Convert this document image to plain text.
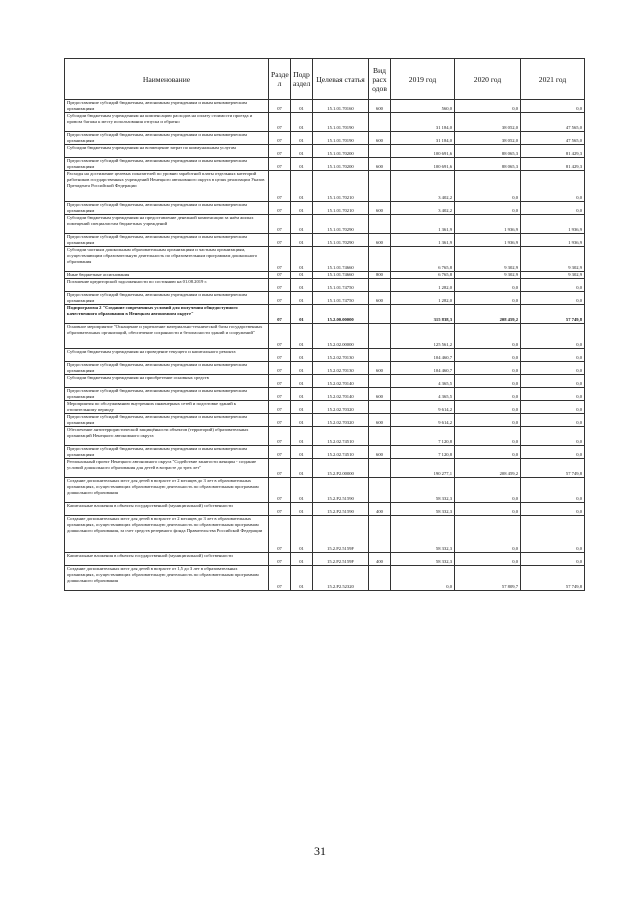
Наименование	Разде л	Подр аздел	Целевая статья	Вид расх одов	2019 год	2020 год	2021 год
Предоставление субсидий бюджетным, автономным учреждениям и иным некоммерческим организациям	07	01	15.1.01.70160	600	560,0	0,0	0,0
Субсидии бюджетным учреждениям на компенсацию расходов на оплату стоимости проезда и провоза багажа к месту использования отпуска и обратно	07	01	15.1.01.70190		31 184,0	38 052,0	47 565,0
Предоставление субсидий бюджетным, автономным учреждениям и иным некоммерческим организациям	07	01	15.1.01.70190	600	31 184,0	38 052,0	47 565,0
Субсидии бюджетным учреждениям на возмещение затрат по коммунальным услугам	07	01	15.1.01.70200		100 691,6	88 065,3	81 429,3
Предоставление субсидий бюджетным, автономным учреждениям и иным некоммерческим организациям	07	01	15.1.01.70200	600	100 691,6	88 065,3	81 429,3
Расходы на достижение целевых показателей по уровню заработной платы отдельных категорий работников государственных учреждений Ненецкого автономного округа в целях реализации Указов Президента Российской Федерации	07	01	15.1.01.70210		3 402,2	0,0	0,0
Предоставление субсидий бюджетным, автономным учреждениям и иным некоммерческим организациям	07	01	15.1.01.70210	600	3 402,2	0,0	0,0
Субсидии бюджетным учреждениям на предоставление денежной компенсации за наём жилых помещений специалистам бюджетных учреждений	07	01	15.1.01.70290		1 361,9	1 936,9	1 936,9
Предоставление субсидий бюджетным, автономным учреждениям и иным некоммерческим организациям	07	01	15.1.01.70290	600	1 361,9	1 936,9	1 936,9
Субсидии частным дошкольным образовательным организациям и частным организациям, осуществляющим образовательную деятельность по образовательным программам дошкольного образования	07	01	15.1.01.74660		6 765,8	9 302,9	9 302,9
Иные бюджетные ассигнования	07	01	15.1.01.74660	800	6 765,8	9 302,9	9 302,9
Погашение кредиторской задолженности по состоянию на 01.08.2019 г.	07	01	15.1.01.74750		1 282,0	0,0	0,0
Предоставление субсидий бюджетным, автономным учреждениям и иным некоммерческим организациям	07	01	15.1.01.74750	600	1 282,0	0,0	0,0
Подпрограмма 2 "Создание современных условий для получения общедоступного качественного образования в Ненецком автономном округе"	07	01	15.2.00.00000		315 838,3	208 459,2	57 749,8
Основное мероприятие "Оснащение и укрепление материально-технической базы государственных образовательных организаций, обеспечение сохранности и безопасности зданий и сооружений"	07	01	15.2.02.00000		125 561,2	0,0	0,0
Субсидии бюджетным учреждениям на проведение текущего и капитального ремонта	07	01	15.2.02.70130		104 460,7	0,0	0,0
Предоставление субсидий бюджетным, автономным учреждениям и иным некоммерческим организациям	07	01	15.2.02.70130	600	104 460,7	0,0	0,0
Субсидии бюджетным учреждениям на приобретение основных средств	07	01	15.2.02.70140		4 365,5	0,0	0,0
Предоставление субсидий бюджетным, автономным учреждениям и иным некоммерческим организациям	07	01	15.2.02.70140	600	4 365,5	0,0	0,0
Мероприятия по обслуживанию внутренних инженерных сетей и подготовке зданий к отопительному периоду	07	01	15.2.02.70320		9 614,2	0,0	0,0
Предоставление субсидий бюджетным, автономным учреждениям и иным некоммерческим организациям	07	01	15.2.02.70320	600	9 614,2	0,0	0,0
Обеспечение антитеррористической защищённости объектов (территорий) образовательных организаций Ненецкого автономного округа	07	01	15.2.02.74510		7 120,8	0,0	0,0
Предоставление субсидий бюджетным, автономным учреждениям и иным некоммерческим организациям	07	01	15.2.02.74510	600	7 120,8	0,0	0,0
Региональный проект Ненецкого автономного округа "Содействие занятости женщин - создание условий дошкольного образования для детей в возрасте до трех лет"	07	01	15.2.P2.00000		190 277,1	208 459,2	57 749,8
Создание дополнительных мест для детей в возрасте от 2 месяцев до 3 лет в образовательных организациях, осуществляющих образовательную деятельность по образовательным программам дошкольного образования	07	01	15.2.P2.51590		58 332,3	0,0	0,0
Капитальные вложения в объекты государственной (муниципальной) собственности	07	01	15.2.P2.51590	400	58 332,3	0,0	0,0
Создание дополнительных мест для детей в возрасте от 2 месяцев до 3 лет в образовательных организациях, осуществляющих образовательную деятельность по образовательным программам дошкольного образования, за счет средств резервного фонда Правительства Российской Федерации	07	01	15.2.P2.5159F		58 332,3	0,0	0,0
Капитальные вложения в объекты государственной (муниципальной) собственности	07	01	15.2.P2.5159F	400	58 332,3	0,0	0,0
Создание дополнительных мест для детей в возрасте от 1,5 до 3 лет в образовательных организациях, осуществляющих образовательную деятельность по образовательным программам дошкольного образования	07	01	15.2.P2.52320		0,0	57 809,7	57 749,8
31
